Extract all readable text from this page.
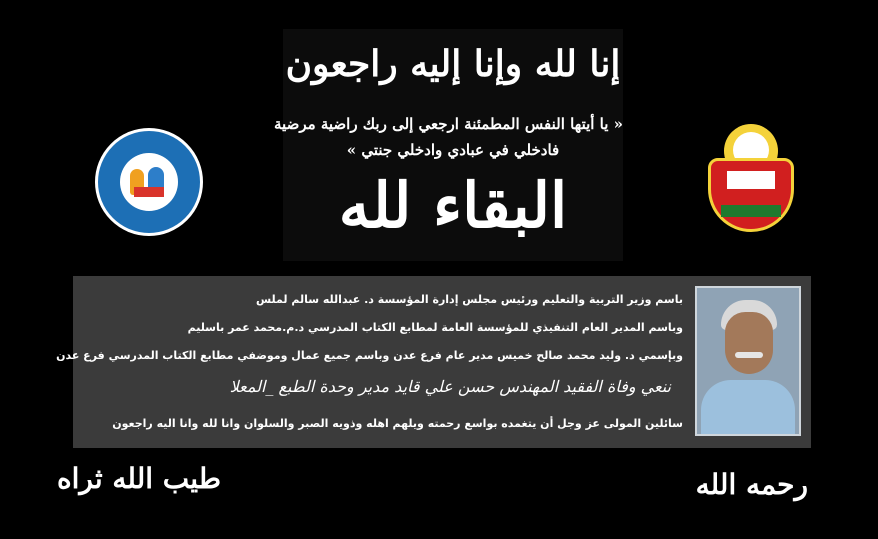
إنا لله وإنا إليه راجعون
« يا أيتها النفس المطمئنة ارجعي إلى ربك راضية مرضية
فادخلي في عبادي وادخلي جنتي »
البقاء لله
باسم وزير التربية والتعليم ورئيس مجلس إدارة المؤسسة د. عبدالله سالم لملس
وباسم المدير العام التنفيذي للمؤسسة العامة لمطابع الكتاب المدرسي د.م.محمد عمر باسليم
وبإسمي د. وليد محمد صالح خميس مدير عام فرع عدن وباسم جميع عمال وموضفي مطابع الكتاب المدرسي فرع عدن
ننعي وفاة الفقيد المهندس حسن علي قايد مدير وحدة الطبع _المعلا
سائلين المولى عز وجل أن يتغمده بواسع رحمته ويلهم اهله وذويه الصبر والسلوان وانا لله وانا اليه راجعون
طيب الله ثراه	رحمه الله
